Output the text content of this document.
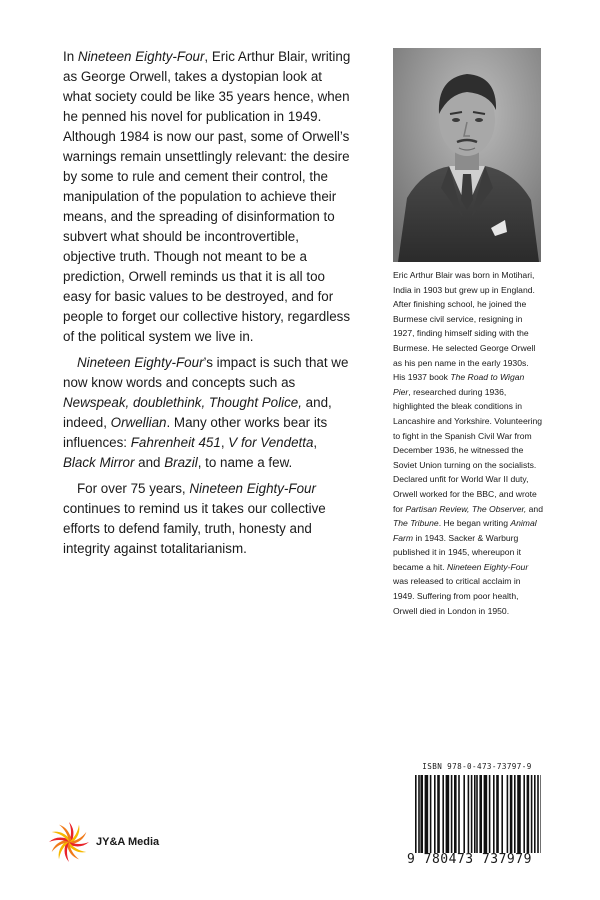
In Nineteen Eighty-Four, Eric Arthur Blair, writing as George Orwell, takes a dystopian look at what society could be like 35 years hence, when he penned his novel for publication in 1949. Although 1984 is now our past, some of Orwell’s warnings remain unsettlingly relevant: the desire by some to rule and cement their control, the manipulation of the population to achieve their means, and the spreading of disinformation to subvert what should be incontrovertible, objective truth. Though not meant to be a prediction, Orwell reminds us that it is all too easy for basic values to be destroyed, and for people to forget our collective history, regardless of the political system we live in.

Nineteen Eighty-Four’s impact is such that we now know words and concepts such as Newspeak, doublethink, Thought Police, and, indeed, Orwellian. Many other works bear its influences: Fahrenheit 451, V for Vendetta, Black Mirror and Brazil, to name a few.

For over 75 years, Nineteen Eighty-Four continues to remind us it takes our collective efforts to defend family, truth, honesty and integrity against totalitarianism.

Eric Arthur Blair was born in Motihari, India in 1903 but grew up in England. After finishing school, he joined the Burmese civil service, resigning in 1927, finding himself siding with the Burmese. He selected George Orwell as his pen name in the early 1930s. His 1937 book The Road to Wigan Pier, researched during 1936, highlighted the bleak conditions in Lancashire and Yorkshire. Volunteering to fight in the Spanish Civil War from December 1936, he witnessed the Soviet Union turning on the socialists. Declared unfit for World War II duty, Orwell worked for the BBC, and wrote for Partisan Review, The Observer, and The Tribune. He began writing Animal Farm in 1943. Sacker & Warburg published it in 1945, whereupon it became a hit. Nineteen Eighty-Four was released to critical acclaim in 1949. Suffering from poor health, Orwell died in London in 1950.
ISBN 978-0-473-73797-9
9 780473 737979
JY&A Media
